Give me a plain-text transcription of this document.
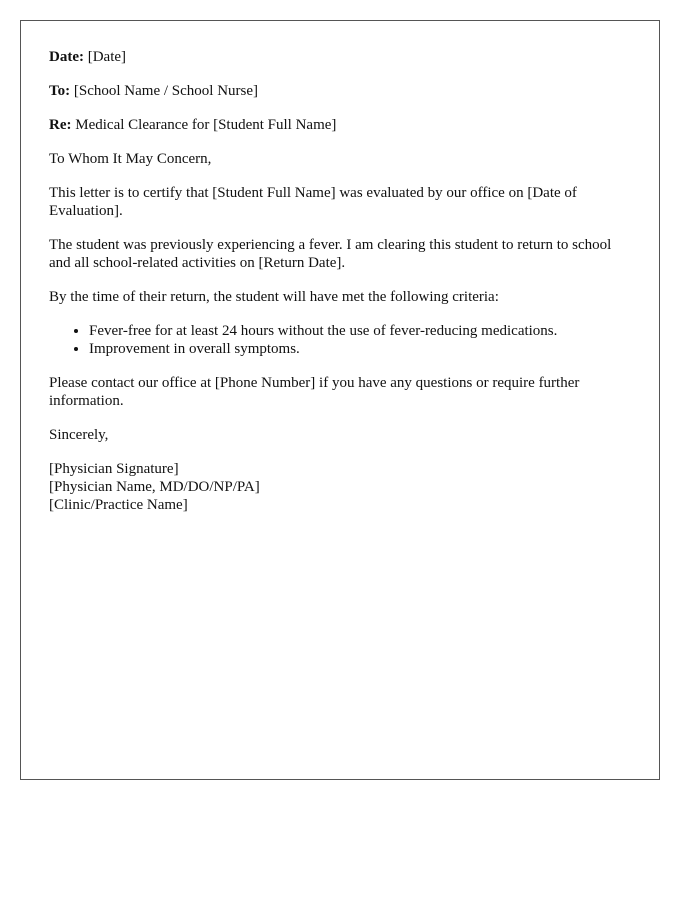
Date: [Date]

To: [School Name / School Nurse]

Re: Medical Clearance for [Student Full Name]

To Whom It May Concern,

This letter is to certify that [Student Full Name] was evaluated by our office on [Date of Evaluation].

The student was previously experiencing a fever. I am clearing this student to return to school and all school-related activities on [Return Date].

By the time of their return, the student will have met the following criteria:

• Fever-free for at least 24 hours without the use of fever-reducing medications.
• Improvement in overall symptoms.

Please contact our office at [Phone Number] if you have any questions or require further information.

Sincerely,

[Physician Signature]
[Physician Name, MD/DO/NP/PA]
[Clinic/Practice Name]
